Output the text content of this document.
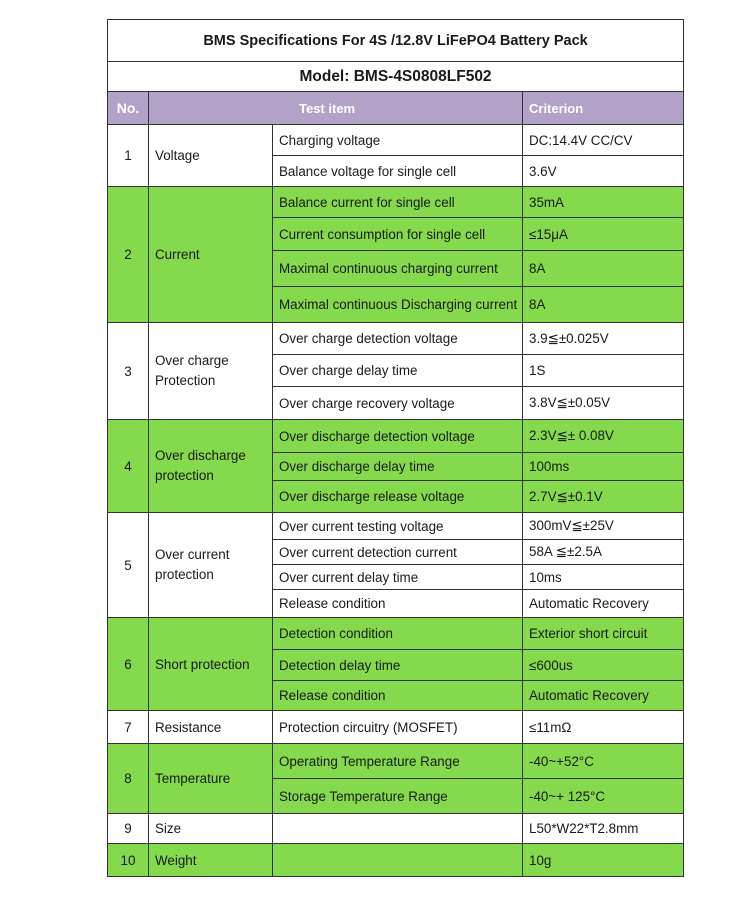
BMS Specifications For 4S /12.8V LiFePO4 Battery Pack			
Model: BMS-4S0808LF502			
No.	Test item		Criterion
1	Voltage	Charging voltage	DC:14.4V CC/CV
		Balance voltage for single cell	3.6V
2	Current	Balance current for single cell	35mA
		Current consumption for single cell	≤15μA
		Maximal continuous charging current	8A
		Maximal continuous Discharging current	8A
3	Over charge Protection	Over charge detection voltage	3.9≦±0.025V
		Over charge delay time	1S
		Over charge recovery voltage	3.8V≦±0.05V
4	Over discharge protection	Over discharge detection voltage	2.3V≦± 0.08V
		Over discharge delay time	100ms
		Over discharge release voltage	2.7V≦±0.1V
5	Over current protection	Over current testing voltage	300mV≦±25V
		Over current detection current	58A ≦±2.5A
		Over current delay time	10ms
		Release condition	Automatic Recovery
6	Short protection	Detection condition	Exterior short circuit
		Detection delay time	≤600us
		Release condition	Automatic Recovery
7	Resistance	Protection circuitry (MOSFET)	≤11mΩ
8	Temperature	Operating Temperature Range	-40~+52°C
		Storage Temperature Range	-40~+ 125°C
9	Size		L50*W22*T2.8mm
10	Weight		10g
